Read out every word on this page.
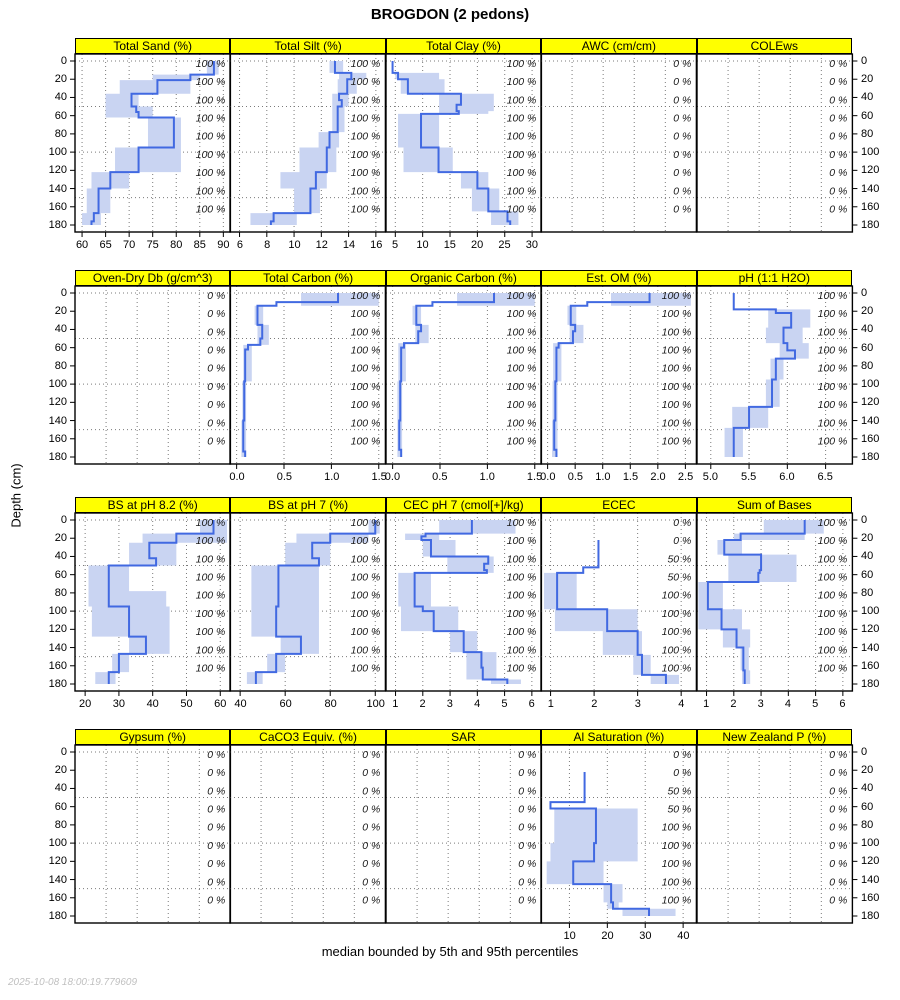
BROGDON (2 pedons)
Depth (cm)
median bounded by 5th and 95th percentiles
2025-10-08 18:00:19.779609
Total Sand (%)
100 %
100 %
100 %
100 %
100 %
100 %
100 %
100 %
100 %
60	65	70	75	80	85	90
Total Silt (%)
100 %
100 %
100 %
100 %
100 %
100 %
100 %
100 %
100 %
6	8	10	12	14	16
Total Clay (%)
100 %
100 %
100 %
100 %
100 %
100 %
100 %
100 %
100 %
5	10	15	20	25	30
AWC (cm/cm)
0 %
0 %
0 %
0 %
0 %
0 %
0 %
0 %
0 %
COLEws
0 %
0 %
0 %
0 %
0 %
0 %
0 %
0 %
0 %
Oven-Dry Db (g/cm^3)
0 %
0 %
0 %
0 %
0 %
0 %
0 %
0 %
0 %
Total Carbon (%)
100 %
100 %
100 %
100 %
100 %
100 %
100 %
100 %
100 %
0.0	0.5	1.0	1.5
Organic Carbon (%)
100 %
100 %
100 %
100 %
100 %
100 %
100 %
100 %
100 %
0.0	0.5	1.0	1.5
Est. OM (%)
100 %
100 %
100 %
100 %
100 %
100 %
100 %
100 %
100 %
0.0	0.5	1.0	1.5	2.0	2.5
pH (1:1 H2O)
100 %
100 %
100 %
100 %
100 %
100 %
100 %
100 %
100 %
5.0	5.5	6.0	6.5
BS at pH 8.2 (%)
100 %
100 %
100 %
100 %
100 %
100 %
100 %
100 %
100 %
20	30	40	50	60
BS at pH 7 (%)
100 %
100 %
100 %
100 %
100 %
100 %
100 %
100 %
100 %
40	60	80	100
CEC pH 7 (cmol[+]/kg)
100 %
100 %
100 %
100 %
100 %
100 %
100 %
100 %
100 %
1	2	3	4	5	6
ECEC
0 %
0 %
50 %
50 %
100 %
100 %
100 %
100 %
100 %
1	2	3	4
Sum of Bases
100 %
100 %
100 %
100 %
100 %
100 %
100 %
100 %
100 %
1	2	3	4	5	6
Gypsum (%)
0 %
0 %
0 %
0 %
0 %
0 %
0 %
0 %
0 %
CaCO3 Equiv. (%)
0 %
0 %
0 %
0 %
0 %
0 %
0 %
0 %
0 %
SAR
0 %
0 %
0 %
0 %
0 %
0 %
0 %
0 %
0 %
Al Saturation (%)
0 %
0 %
50 %
50 %
100 %
100 %
100 %
100 %
100 %
10	20	30	40
New Zealand P (%)
0 %
0 %
0 %
0 %
0 %
0 %
0 %
0 %
0 %
0	0
20	20
40	40
60	60
80	80
100	100
120	120
140	140
160	160
180	180
0	0
20	20
40	40
60	60
80	80
100	100
120	120
140	140
160	160
180	180
0	0
20	20
40	40
60	60
80	80
100	100
120	120
140	140
160	160
180	180
0	0
20	20
40	40
60	60
80	80
100	100
120	120
140	140
160	160
180	180
